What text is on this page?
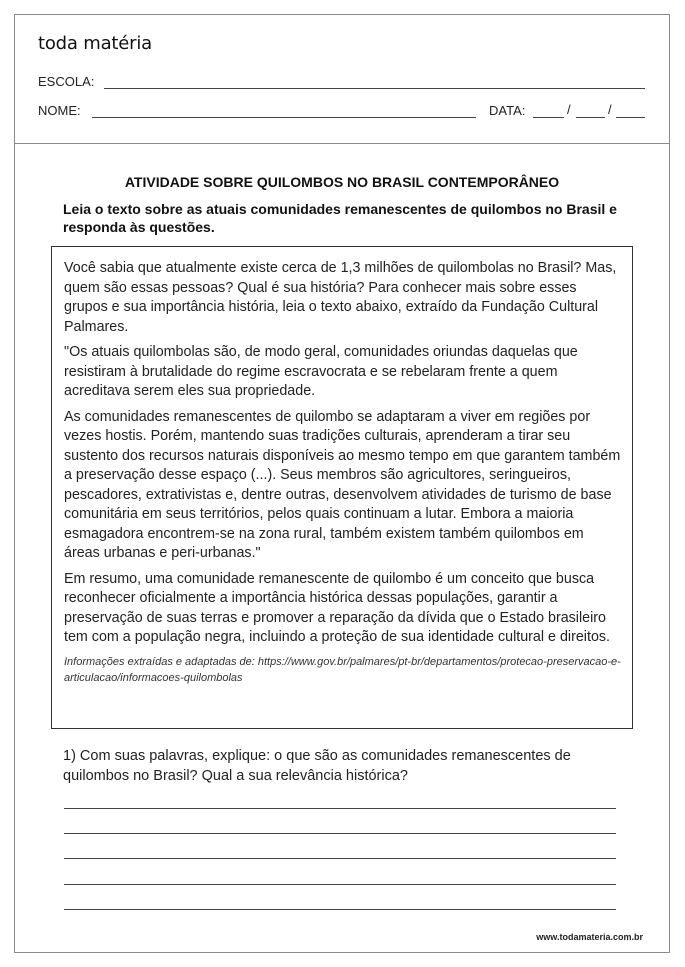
toda matéria
ESCOLA:
NOME:	DATA:	/	/
ATIVIDADE SOBRE QUILOMBOS NO BRASIL CONTEMPORÂNEO
Leia o texto sobre as atuais comunidades remanescentes de quilombos no Brasil e responda às questões.

Você sabia que atualmente existe cerca de 1,3 milhões de quilombolas no Brasil? Mas, quem são essas pessoas? Qual é sua história? Para conhecer mais sobre esses grupos e sua importância história, leia o texto abaixo, extraído da Fundação Cultural Palmares.

"Os atuais quilombolas são, de modo geral, comunidades oriundas daquelas que resistiram à brutalidade do regime escravocrata e se rebelaram frente a quem acreditava serem eles sua propriedade.

As comunidades remanescentes de quilombo se adaptaram a viver em regiões por vezes hostis. Porém, mantendo suas tradições culturais, aprenderam a tirar seu sustento dos recursos naturais disponíveis ao mesmo tempo em que garantem também a preservação desse espaço (...). Seus membros são agricultores, seringueiros, pescadores, extrativistas e, dentre outras, desenvolvem atividades de turismo de base comunitária em seus territórios, pelos quais continuam a lutar. Embora a maioria esmagadora encontrem-se na zona rural, também existem também quilombos em áreas urbanas e peri-urbanas."

Em resumo, uma comunidade remanescente de quilombo é um conceito que busca reconhecer oficialmente a importância histórica dessas populações, garantir a preservação de suas terras e promover a reparação da dívida que o Estado brasileiro tem com a população negra, incluindo a proteção de sua identidade cultural e direitos.

Informações extraídas e adaptadas de: https://www.gov.br/palmares/pt-br/departamentos/protecao-preservacao-e-articulacao/informacoes-quilombolas

1) Com suas palavras, explique: o que são as comunidades remanescentes de quilombos no Brasil? Qual a sua relevância histórica?
www.todamateria.com.br
